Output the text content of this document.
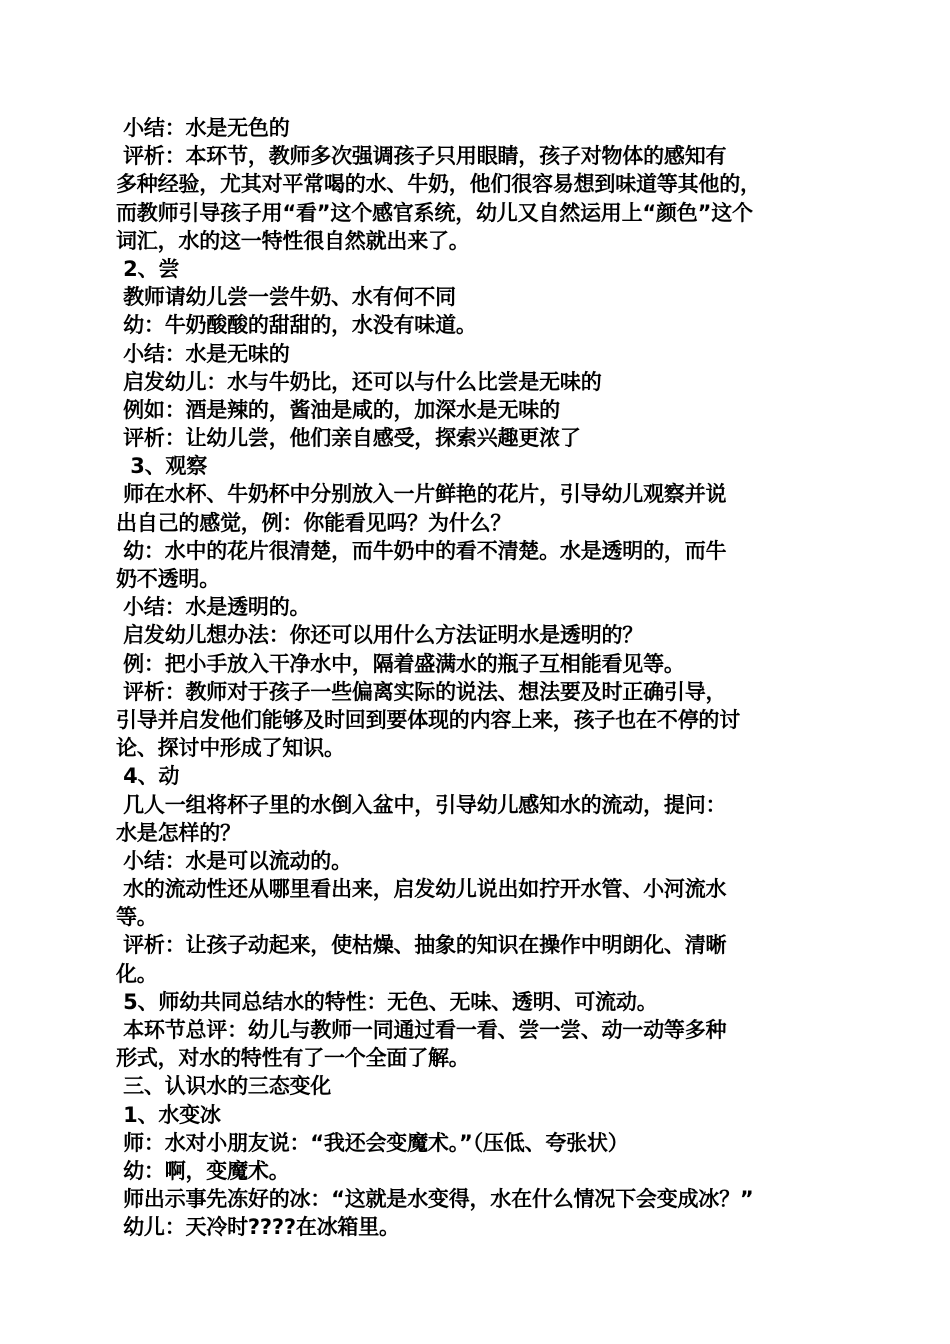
小结：水是无色的
评析：本环节，教师多次强调孩子只用眼睛，孩子对物体的感知有
多种经验，尤其对平常喝的水、牛奶，他们很容易想到味道等其他的，
而教师引导孩子用“看”这个感官系统，幼儿又自然运用上“颜色”这个
词汇，水的这一特性很自然就出来了。
2、尝
教师请幼儿尝一尝牛奶、水有何不同
幼：牛奶酸酸的甜甜的，水没有味道。
小结：水是无味的
启发幼儿：水与牛奶比，还可以与什么比尝是无味的
例如：酒是辣的，酱油是咸的，加深水是无味的
评析：让幼儿尝，他们亲自感受，探索兴趣更浓了
3、观察
师在水杯、牛奶杯中分别放入一片鲜艳的花片，引导幼儿观察并说
出自己的感觉，例：你能看见吗？为什么？
幼：水中的花片很清楚，而牛奶中的看不清楚。水是透明的，而牛
奶不透明。
小结：水是透明的。
启发幼儿想办法：你还可以用什么方法证明水是透明的？
例：把小手放入干净水中，隔着盛满水的瓶子互相能看见等。
评析：教师对于孩子一些偏离实际的说法、想法要及时正确引导，
引导并启发他们能够及时回到要体现的内容上来，孩子也在不停的讨
论、探讨中形成了知识。
4、动
几人一组将杯子里的水倒入盆中，引导幼儿感知水的流动，提问：
水是怎样的？
小结：水是可以流动的。
水的流动性还从哪里看出来，启发幼儿说出如拧开水管、小河流水
等。
评析：让孩子动起来，使枯燥、抽象的知识在操作中明朗化、清晰
化。
5、师幼共同总结水的特性：无色、无味、透明、可流动。
本环节总评：幼儿与教师一同通过看一看、尝一尝、动一动等多种
形式，对水的特性有了一个全面了解。
三、认识水的三态变化
1、水变冰
师：水对小朋友说：“我还会变魔术。”（压低、夸张状）
幼：啊，变魔术。
师出示事先冻好的冰：“这就是水变得，水在什么情况下会变成冰？”
幼儿：天冷时????在冰箱里。
